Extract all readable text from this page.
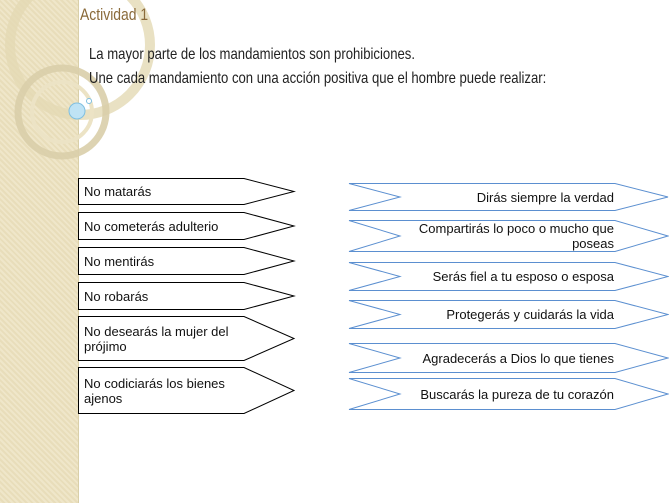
Actividad 1
La mayor parte de los mandamientos son prohibiciones.
Une cada mandamiento con una acción positiva que el hombre puede realizar:
No matarás
No cometerás adulterio
No mentirás
No robarás
No desearás la mujer del prójimo
No codiciarás los bienes ajenos
Dirás siempre la verdad
Compartirás lo poco o mucho que poseas
Serás fiel a tu esposo o esposa
Protegerás y cuidarás la vida
Agradecerás a Dios lo que tienes
Buscarás la pureza de tu corazón
